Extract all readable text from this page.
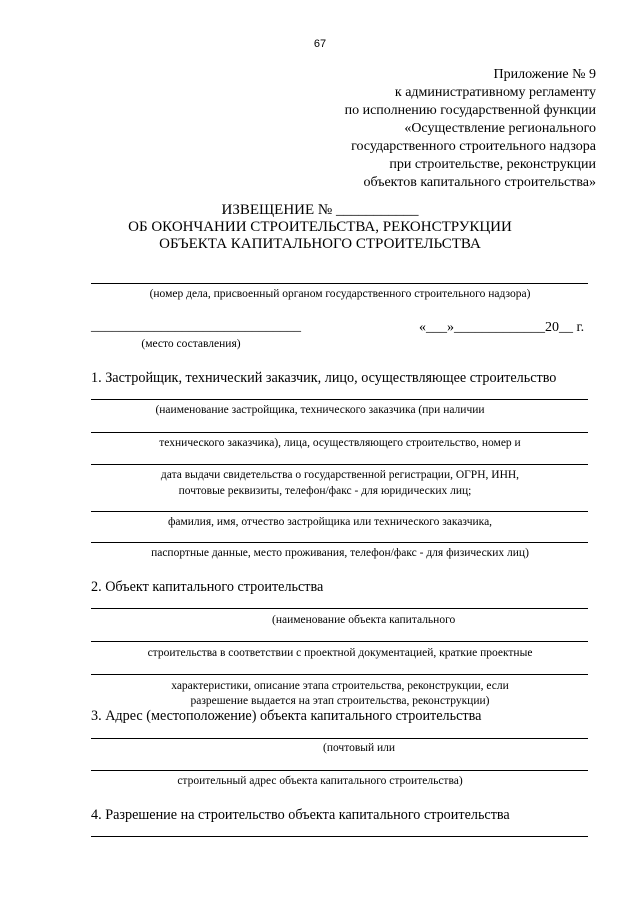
67
Приложение № 9
к административному регламенту
по исполнению государственной функции
«Осуществление регионального
государственного строительного надзора
при строительстве, реконструкции
объектов капитального строительства»
ИЗВЕЩЕНИЕ № ___________
ОБ ОКОНЧАНИИ СТРОИТЕЛЬСТВА, РЕКОНСТРУКЦИИ
ОБЪЕКТА КАПИТАЛЬНОГО СТРОИТЕЛЬСТВА
(номер дела, присвоенный органом государственного строительного надзора)
______________________________
(место составления)
«___»_____________20__ г.
1. Застройщик, технический заказчик, лицо, осуществляющее строительство
(наименование застройщика, технического заказчика (при наличии
технического заказчика), лица, осуществляющего строительство, номер и
дата выдачи свидетельства о государственной регистрации, ОГРН, ИНН,
почтовые реквизиты, телефон/факс - для юридических лиц;
фамилия, имя, отчество застройщика или технического заказчика,
паспортные данные, место проживания, телефон/факс - для физических лиц)
2. Объект капитального строительства
(наименование объекта капитального
строительства в соответствии с проектной документацией, краткие проектные
характеристики, описание этапа строительства, реконструкции, если
разрешение выдается на этап строительства, реконструкции)
3. Адрес (местоположение) объекта капитального строительства
(почтовый или
строительный адрес объекта капитального строительства)
4. Разрешение на строительство объекта капитального строительства
